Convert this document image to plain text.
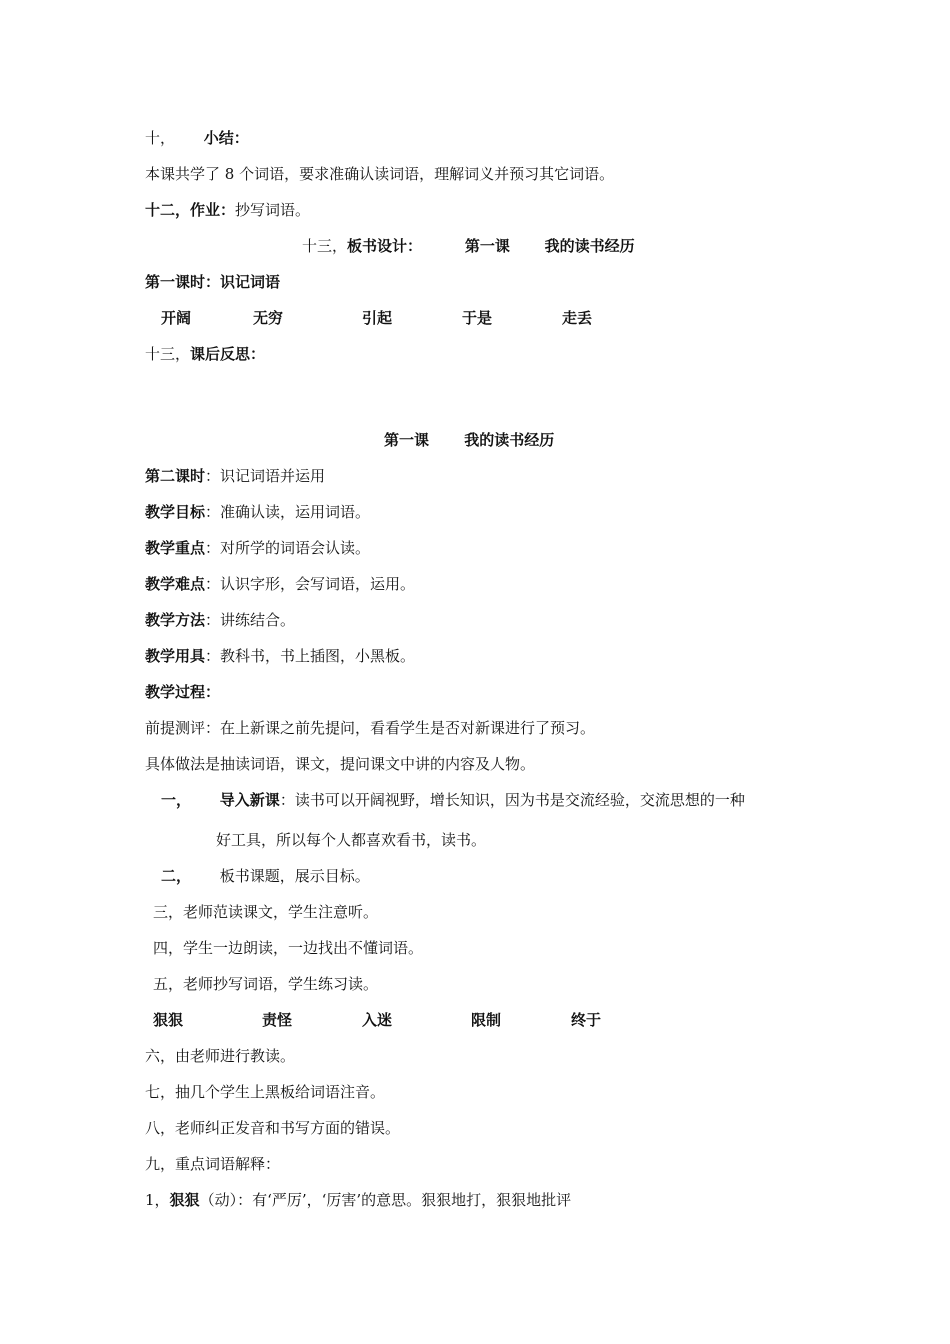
十， 小结：
本课共学了 8 个词语，要求准确认读词语，理解词义并预习其它词语。
十二，作业：抄写词语。
十三，板书设计：	第一课 我的读书经历
第一课时：识记词语
开阔	无穷	引起	于是	走丢
十三，课后反思：
第一课 我的读书经历
第二课时：识记词语并运用
教学目标：准确认读，运用词语。
教学重点：对所学的词语会认读。
教学难点：认识字形，会写词语，运用。
教学方法：讲练结合。
教学用具：教科书，书上插图，小黑板。
教学过程：
前提测评：在上新课之前先提问，看看学生是否对新课进行了预习。
具体做法是抽读词语，课文，提问课文中讲的内容及人物。
一， 导入新课：读书可以开阔视野，增长知识，因为书是交流经验，交流思想的一种
好工具，所以每个人都喜欢看书，读书。
二， 板书课题，展示目标。
三，老师范读课文，学生注意听。
四，学生一边朗读，一边找出不懂词语。
五，老师抄写词语，学生练习读。
狠狠	责怪	入迷	限制	终于
六，由老师进行教读。
七，抽几个学生上黑板给词语注音。
八，老师纠正发音和书写方面的错误。
九，重点词语解释：
1，狠狠（动）：有‘严厉’，‘厉害’的意思。狠狠地打，狠狠地批评
